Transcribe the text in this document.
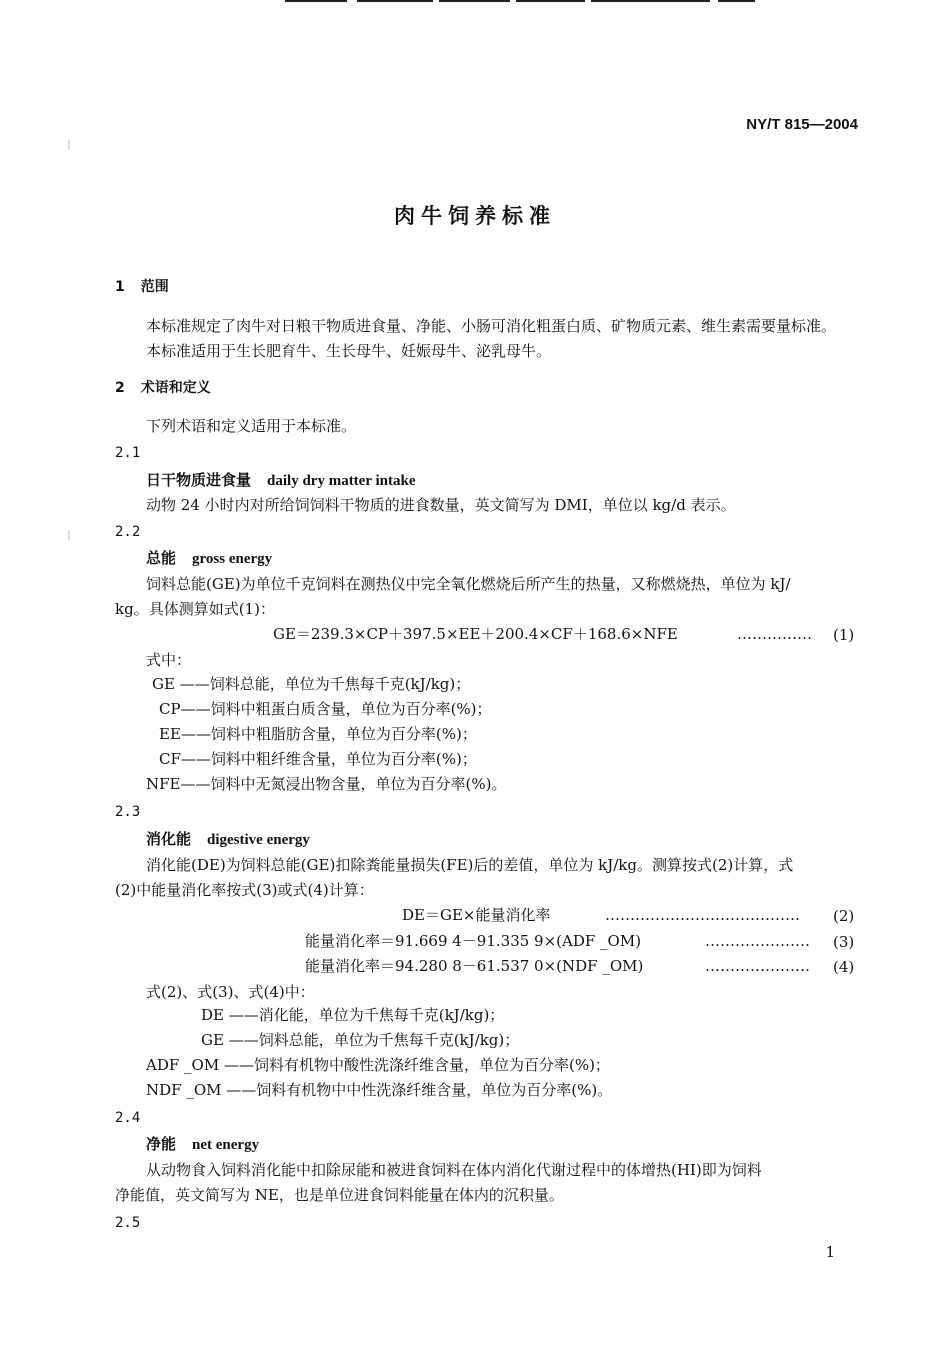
NY/T 815—2004
肉牛饲养标准
1 范围
本标准规定了肉牛对日粮干物质进食量、净能、小肠可消化粗蛋白质、矿物质元素、维生素需要量标准。
本标准适用于生长肥育牛、生长母牛、妊娠母牛、泌乳母牛。
2 术语和定义
下列术语和定义适用于本标准。
2.1
日干物质进食量 daily dry matter intake
动物 24 小时内对所给饲饲料干物质的进食数量，英文简写为 DMI，单位以 kg/d 表示。
2.2
总能 gross energy
饲料总能(GE)为单位千克饲料在测热仪中完全氧化燃烧后所产生的热量，又称燃烧热，单位为 kJ/
kg。具体测算如式(1)：
GE＝239.3×CP＋397.5×EE＋200.4×CF＋168.6×NFE	…………… (1)
式中：
GE ——饲料总能，单位为千焦每千克(kJ/kg)；
CP——饲料中粗蛋白质含量，单位为百分率(%)；
EE——饲料中粗脂肪含量，单位为百分率(%)；
CF——饲料中粗纤维含量，单位为百分率(%)；
NFE——饲料中无氮浸出物含量，单位为百分率(%)。
2.3
消化能 digestive energy
消化能(DE)为饲料总能(GE)扣除粪能量损失(FE)后的差值，单位为 kJ/kg。测算按式(2)计算，式
(2)中能量消化率按式(3)或式(4)计算：
DE＝GE×能量消化率	………………………………… (2)
能量消化率＝91.669 4－91.335 9×(ADF _OM)	………………… (3)
能量消化率＝94.280 8－61.537 0×(NDF _OM)	………………… (4)
式(2)、式(3)、式(4)中：
DE ——消化能，单位为千焦每千克(kJ/kg)；
GE ——饲料总能，单位为千焦每千克(kJ/kg)；
ADF _OM ——饲料有机物中酸性洗涤纤维含量，单位为百分率(%)；
NDF _OM ——饲料有机物中中性洗涤纤维含量，单位为百分率(%)。
2.4
净能 net energy
从动物食入饲料消化能中扣除尿能和被进食饲料在体内消化代谢过程中的体增热(HI)即为饲料
净能值，英文简写为 NE，也是单位进食饲料能量在体内的沉积量。
2.5
1
